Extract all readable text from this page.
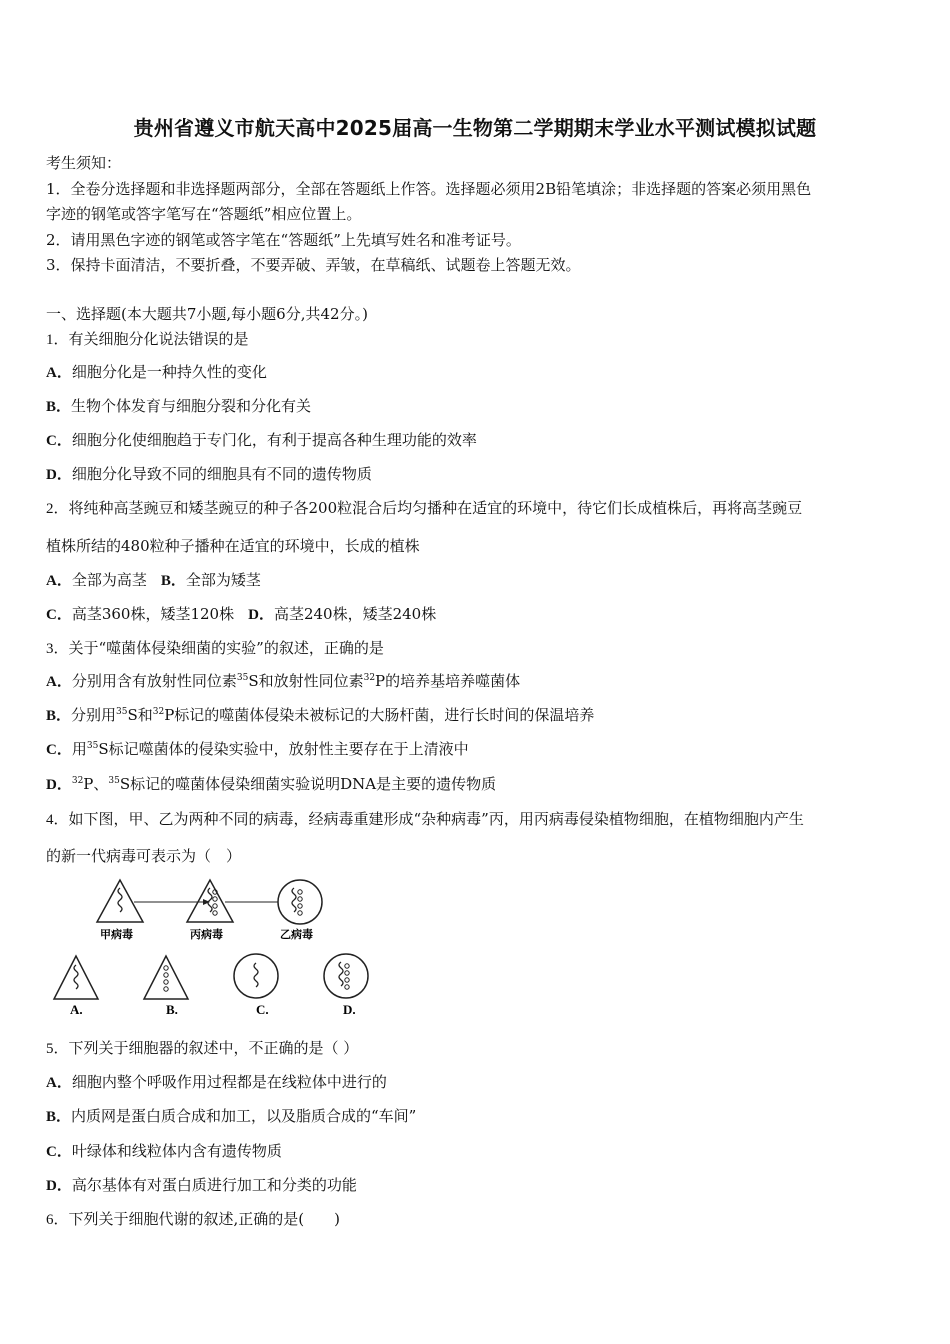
贵州省遵义市航天高中2025届高一生物第二学期期末学业水平测试模拟试题
考生须知：
1．全卷分选择题和非选择题两部分，全部在答题纸上作答。选择题必须用2B铅笔填涂；非选择题的答案必须用黑色
字迹的钢笔或答字笔写在“答题纸”相应位置上。
2．请用黑色字迹的钢笔或答字笔在“答题纸”上先填写姓名和准考证号。
3．保持卡面清洁，不要折叠，不要弄破、弄皱，在草稿纸、试题卷上答题无效。
一、选择题(本大题共7小题,每小题6分,共42分。)
1．有关细胞分化说法错误的是
A．细胞分化是一种持久性的变化
B．生物个体发育与细胞分裂和分化有关
C．细胞分化使细胞趋于专门化，有利于提高各种生理功能的效率
D．细胞分化导致不同的细胞具有不同的遗传物质
2．将纯种高茎豌豆和矮茎豌豆的种子各200粒混合后均匀播种在适宜的环境中，待它们长成植株后，再将高茎豌豆
植株所结的480粒种子播种在适宜的环境中，长成的植株
A．全部为高茎 B．全部为矮茎
C．高茎360株，矮茎120株 D．高茎240株，矮茎240株
3．关于“噬菌体侵染细菌的实验”的叙述，正确的是
A．分别用含有放射性同位素$^{35}$S和放射性同位素$^{32}$P的培养基培养噬菌体
B．分别用$^{35}$S和$^{32}$P标记的噬菌体侵染未被标记的大肠杆菌，进行长时间的保温培养
C．用$^{35}$S标记噬菌体的侵染实验中，放射性主要存在于上清液中
D．$^{32}$P、$^{35}$S标记的噬菌体侵染细菌实验说明DNA是主要的遗传物质
4．如下图，甲、乙为两种不同的病毒，经病毒重建形成“杂种病毒”丙，用丙病毒侵染植物细胞，在植物细胞内产生
的新一代病毒可表示为（　）
甲病毒	丙病毒	乙病毒
A.	B.	C.	D.
5．下列关于细胞器的叙述中，不正确的是（ ）
A．细胞内整个呼吸作用过程都是在线粒体中进行的
B．内质网是蛋白质合成和加工，以及脂质合成的“车间”
C．叶绿体和线粒体内含有遗传物质
D．高尔基体有对蛋白质进行加工和分类的功能
6．下列关于细胞代谢的叙述,正确的是(　　)
